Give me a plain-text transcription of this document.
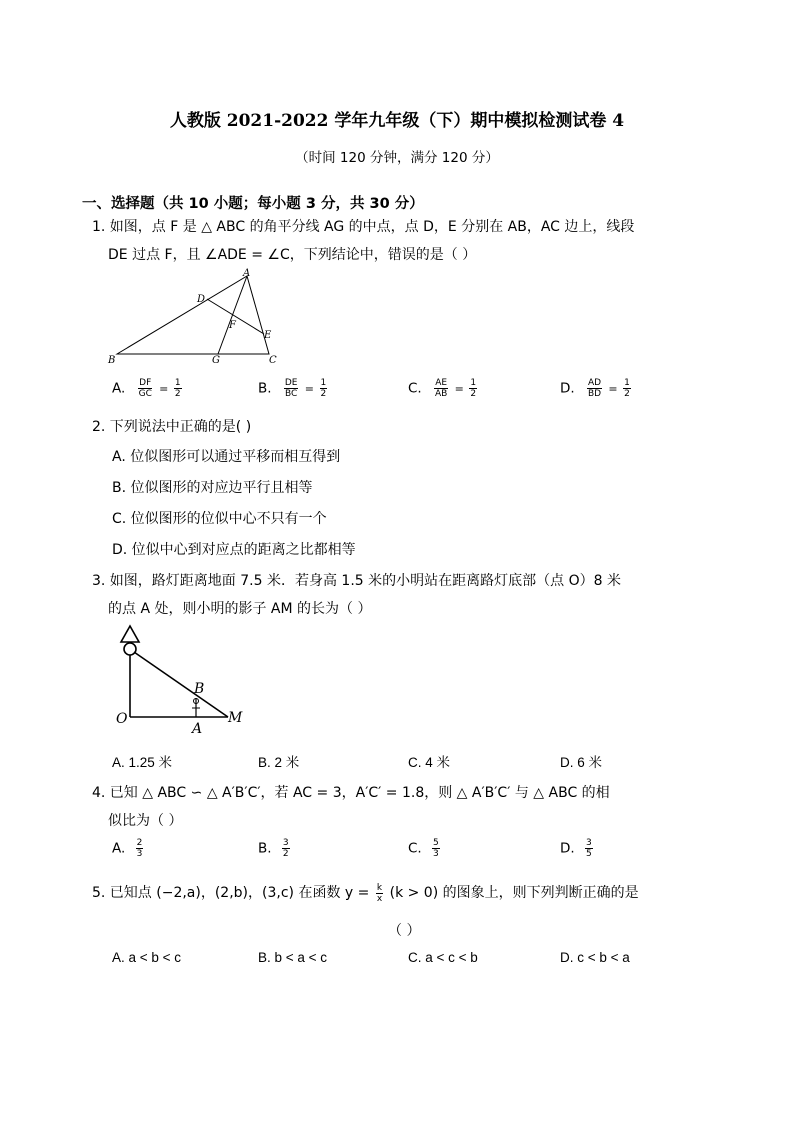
人教版 2021-2022 学年九年级（下）期中模拟检测试卷 4
（时间 120 分钟，满分 120 分）
一、选择题（共 10 小题；每小题 3 分，共 30 分）
1. 如图，点 F 是 △ ABC 的角平分线 AG 的中点，点 D，E 分别在 AB，AC 边上，线段
DE 过点 F，且 ∠ADE = ∠C，下列结论中，错误的是（ ）
A
B	C
D
E
F
G
A. $\frac{DF}{GC} = \frac{1}{2}$	B. $\frac{DE}{BC} = \frac{1}{2}$	C. $\frac{AE}{AB} = \frac{1}{2}$	D. $\frac{AD}{BD} = \frac{1}{2}$
2. 下列说法中正确的是( )
A. 位似图形可以通过平移而相互得到
B. 位似图形的对应边平行且相等
C. 位似图形的位似中心不只有一个
D. 位似中心到对应点的距离之比都相等
3. 如图，路灯距离地面 7.5 米．若身高 1.5 米的小明站在距离路灯底部（点 O）8 米
的点 A 处，则小明的影子 AM 的长为（ ）
O
A
B
M
A. 1.25 米	B. 2 米	C. 4 米	D. 6 米
4. 已知 △ ABC ∽ △ A′B′C′，若 AC = 3，A′C′ = 1.8，则 △ A′B′C′ 与 △ ABC 的相
似比为（ ）
A. $\frac{2}{3}$	B. $\frac{3}{2}$	C. $\frac{5}{3}$	D. $\frac{3}{5}$
5. 已知点 (−2,a)，(2,b)，(3,c) 在函数 $y = \frac{k}{x} (k > 0)$ 的图象上，则下列判断正确的是
（ ）
A. a < b < c	B. b < a < c	C. a < c < b	D. c < b < a
